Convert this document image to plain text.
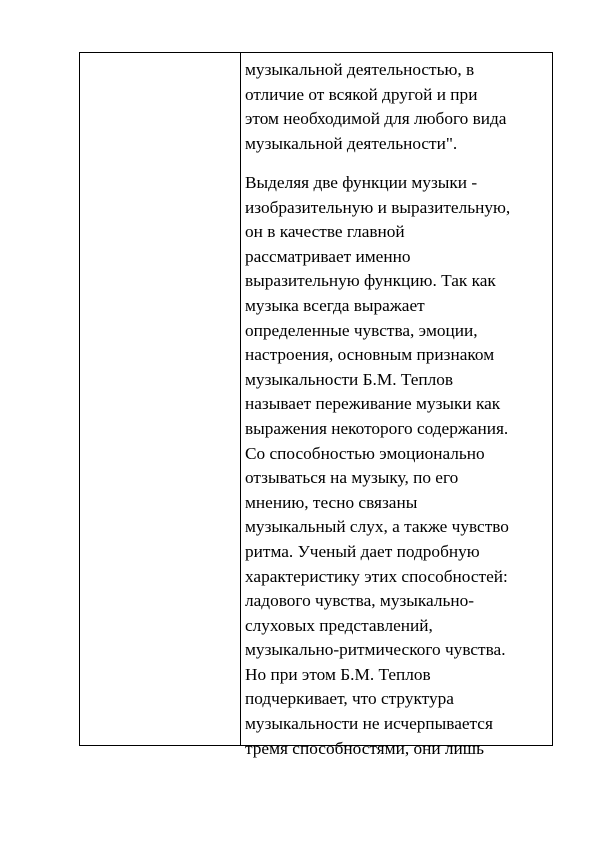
музыкальной деятельностью, в
отличие от всякой другой и при
этом необходимой для любого вида
музыкальной деятельности".

Выделяя две функции музыки -
изобразительную и выразительную,
он в качестве главной
рассматривает именно
выразительную функцию. Так как
музыка всегда выражает
определенные чувства, эмоции,
настроения, основным признаком
музыкальности Б.М. Теплов
называет переживание музыки как
выражения некоторого содержания.
Со способностью эмоционально
отзываться на музыку, по его
мнению, тесно связаны
музыкальный слух, а также чувство
ритма. Ученый дает подробную
характеристику этих способностей:
ладового чувства, музыкально-
слуховых представлений,
музыкально-ритмического чувства.
Но при этом Б.М. Теплов
подчеркивает, что структура
музыкальности не исчерпывается
тремя способностями, они лишь
